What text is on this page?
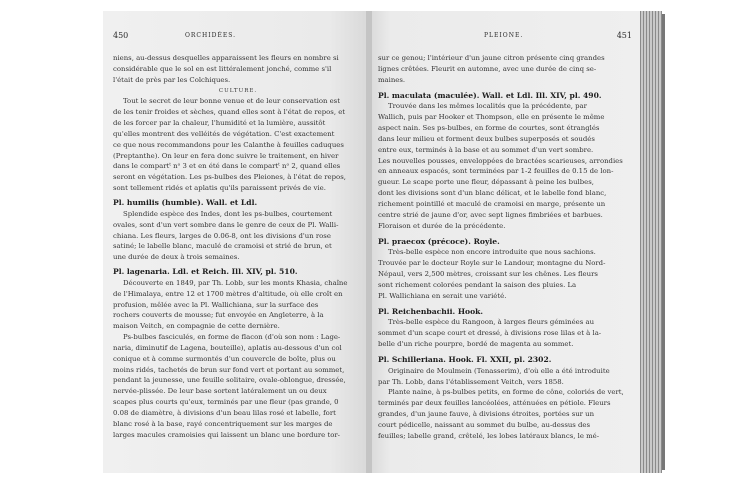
450	ORCHIDÉES.	PLEIONE.	451

niens, au-dessus desquelles apparaissent les fleurs en nombre si

considérable que le sol en est littéralement jonché, comme s'il

l'était de près par les Colchiques.

CULTURE.

Tout le secret de leur bonne venue et de leur conservation est

de les tenir froides et sèches, quand elles sont à l'état de repos, et

de les forcer par la chaleur, l'humidité et la lumière, aussitôt

qu'elles montrent des velléités de végétation. C'est exactement

ce que nous recommandons pour les Calanthe à feuilles caduques

(Preptanthe). On leur en fera donc suivre le traitement, en hiver

dans le compartᵗ nᵒ 3 et en été dans le compartᵗ nᵒ 2, quand elles

seront en végétation. Les ps-bulbes des Pleiones, à l'état de repos,

sont tellement ridés et aplatis qu'ils paraissent privés de vie.

Pl. humilis (humble). Wall. et Ldl.

Splendide espèce des Indes, dont les ps-bulbes, courtement

ovales, sont d'un vert sombre dans le genre de ceux de Pl. Walli-

chiana. Les fleurs, larges de 0.06-8, ont les divisions d'un rose

satiné; le labelle blanc, maculé de cramoisi et strié de brun, et

une durée de deux à trois semaines.

Pl. lagenaria. Ldl. et Reich. Ill. XIV, pl. 510.

Découverte en 1849, par Th. Lobb, sur les monts Khasia, chaîne

de l'Himalaya, entre 12 et 1700 mètres d'altitude, où elle croît en

profusion, mêlée avec la Pl. Wallichiana, sur la surface des

rochers couverts de mousse; fut envoyée en Angleterre, à la

maison Veitch, en compagnie de cette dernière.

Ps-bulbes fasciculés, en forme de flacon (d'où son nom : Lage-

naria, diminutif de Lagena, bouteille), aplatis au-dessous d'un col

conique et à comme surmontés d'un couvercle de boîte, plus ou

moins ridés, tachetés de brun sur fond vert et portant au sommet,

pendant la jeunesse, une feuille solitaire, ovale-oblongue, dressée,

nervée-plissée. De leur base sortent latéralement un ou deux

scapes plus courts qu'eux, terminés par une fleur (pas grande, 0

0.08 de diamètre, à divisions d'un beau lilas rosé et labelle, fort

blanc rosé à la base, rayé concentriquement sur les marges de

larges macules cramoisies qui laissent un blanc une bordure tor-

sur ce genou; l'intérieur d'un jaune citron présente cinq grandes

lignes crêtées. Fleurit en automne, avec une durée de cinq se-

maines.

Pl. maculata (maculée). Wall. et Ldl. Ill. XIV, pl. 490.

Trouvée dans les mêmes localités que la précédente, par

Wallich, puis par Hooker et Thompson, elle en présente le même

aspect nain. Ses ps-bulbes, en forme de courtes, sont étranglés

dans leur milieu et forment deux bulbes superposés et soudés

entre eux, terminés à la base et au sommet d'un vert sombre.

Les nouvelles pousses, enveloppées de bractées scarieuses, arrondies

en anneaux espacés, sont terminées par 1-2 feuilles de 0.15 de lon-

gueur. Le scape porte une fleur, dépassant à peine les bulbes,

dont les divisions sont d'un blanc délicat, et le labelle fond blanc,

richement pointillé et maculé de cramoisi en marge, présente un

centre strié de jaune d'or, avec sept lignes fimbriées et barbues.

Floraison et durée de la précédente.

Pl. praecox (précoce). Royle.

Très-belle espèce non encore introduite que nous sachions.

Trouvée par le docteur Royle sur le Landour, montagne du Nord-

Népaul, vers 2,500 mètres, croissant sur les chênes. Les fleurs

sont richement colorées pendant la saison des pluies. La

Pl. Wallichiana en serait une variété.

Pl. Reichenbachii. Hook.

Très-belle espèce du Rangoon, à larges fleurs géminées au

sommet d'un scape court et dressé, à divisions rose lilas et à la-

belle d'un riche pourpre, bordé de magenta au sommet.

Pl. Schilleriana. Hook. Fl. XXII, pl. 2302.

Originaire de Moulmein (Tenasserim), d'où elle a été introduite

par Th. Lobb, dans l'établissement Veitch, vers 1858.

Plante naine, à ps-bulbes petits, en forme de cône, coloriés de vert,

terminés par deux feuilles lancéolées, atténuées en pétiole. Fleurs

grandes, d'un jaune fauve, à divisions étroites, portées sur un

court pédicelle, naissant au sommet du bulbe, au-dessus des

feuilles; labelle grand, crêtelé, les lobes latéraux blancs, le mé-
